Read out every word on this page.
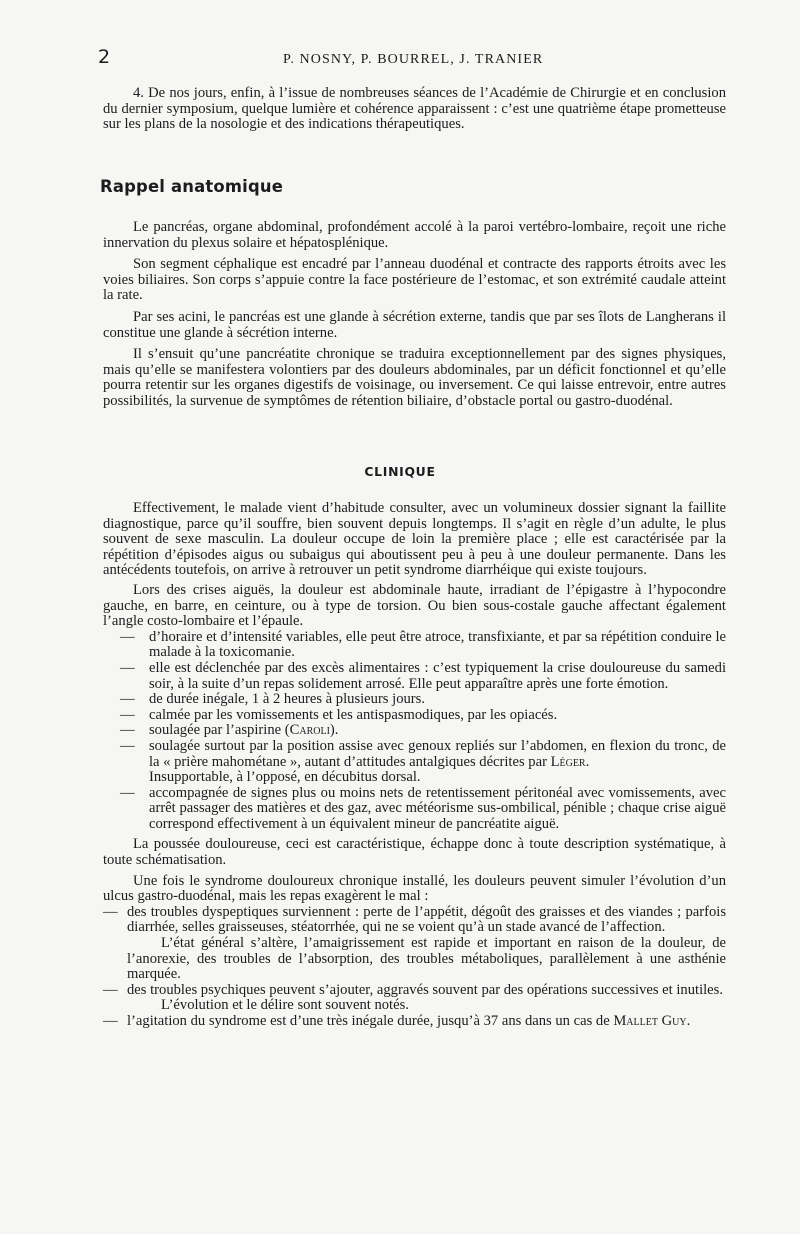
2	P. NOSNY, P. BOURREL, J. TRANIER

4. De nos jours, enfin, à l’issue de nombreuses séances de l’Académie de Chirurgie et en conclusion du dernier symposium, quelque lumière et cohérence apparaissent : c’est une quatrième étape prometteuse sur les plans de la nosologie et des indications thérapeutiques.

Rappel anatomique

Le pancréas, organe abdominal, profondément accolé à la paroi vertébro-lombaire, reçoit une riche innervation du plexus solaire et hépatosplénique.

Son segment céphalique est encadré par l’anneau duodénal et contracte des rapports étroits avec les voies biliaires. Son corps s’appuie contre la face postérieure de l’estomac, et son extrémité caudale atteint la rate.

Par ses acini, le pancréas est une glande à sécrétion externe, tandis que par ses îlots de Langherans il constitue une glande à sécrétion interne.

Il s’ensuit qu’une pancréatite chronique se traduira exceptionnellement par des signes physiques, mais qu’elle se manifestera volontiers par des douleurs abdominales, par un déficit fonctionnel et qu’elle pourra retentir sur les organes digestifs de voisinage, ou inversement. Ce qui laisse entrevoir, entre autres possibilités, la survenue de symptômes de rétention biliaire, d’obstacle portal ou gastro-duodénal.

CLINIQUE

Effectivement, le malade vient d’habitude consulter, avec un volumineux dossier signant la faillite diagnostique, parce qu’il souffre, bien souvent depuis longtemps. Il s’agit en règle d’un adulte, le plus souvent de sexe masculin. La douleur occupe de loin la première place ; elle est caractérisée par la répétition d’épisodes aigus ou subaigus qui aboutissent peu à peu à une douleur permanente. Dans les antécédents toutefois, on arrive à retrouver un petit syndrome diarrhéique qui existe toujours.

Lors des crises aiguës, la douleur est abdominale haute, irradiant de l’épigastre à l’hypocondre gauche, en barre, en ceinture, ou à type de torsion. Ou bien sous-costale gauche affectant également l’angle costo-lombaire et l’épaule.

— d’horaire et d’intensité variables, elle peut être atroce, transfixiante, et par sa répétition conduire le malade à la toxicomanie.
— elle est déclenchée par des excès alimentaires : c’est typiquement la crise douloureuse du samedi soir, à la suite d’un repas solidement arrosé. Elle peut apparaître après une forte émotion.
— de durée inégale, 1 à 2 heures à plusieurs jours.
— calmée par les vomissements et les antispasmodiques, par les opiacés.
— soulagée par l’aspirine (Caroli).
— soulagée surtout par la position assise avec genoux repliés sur l’abdomen, en flexion du tronc, de la « prière mahométane », autant d’attitudes antalgiques décrites par Léger.
Insupportable, à l’opposé, en décubitus dorsal.
— accompagnée de signes plus ou moins nets de retentissement péritonéal avec vomissements, avec arrêt passager des matières et des gaz, avec météorisme sus-ombilical, pénible ; chaque crise aiguë correspond effectivement à un équivalent mineur de pancréatite aiguë.

La poussée douloureuse, ceci est caractéristique, échappe donc à toute description systématique, à toute schématisation.

Une fois le syndrome douloureux chronique installé, les douleurs peuvent simuler l’évolution d’un ulcus gastro-duodénal, mais les repas exagèrent le mal :

— des troubles dyspeptiques surviennent : perte de l’appétit, dégoût des graisses et des viandes ; parfois diarrhée, selles graisseuses, stéatorrhée, qui ne se voient qu’à un stade avancé de l’affection.
L’état général s’altère, l’amaigrissement est rapide et important en raison de la douleur, de l’anorexie, des troubles de l’absorption, des troubles métaboliques, parallèlement à une asthénie marquée.
— des troubles psychiques peuvent s’ajouter, aggravés souvent par des opérations successives et inutiles.
L’évolution et le délire sont souvent notés.
— l’agitation du syndrome est d’une très inégale durée, jusqu’à 37 ans dans un cas de Mallet Guy.
